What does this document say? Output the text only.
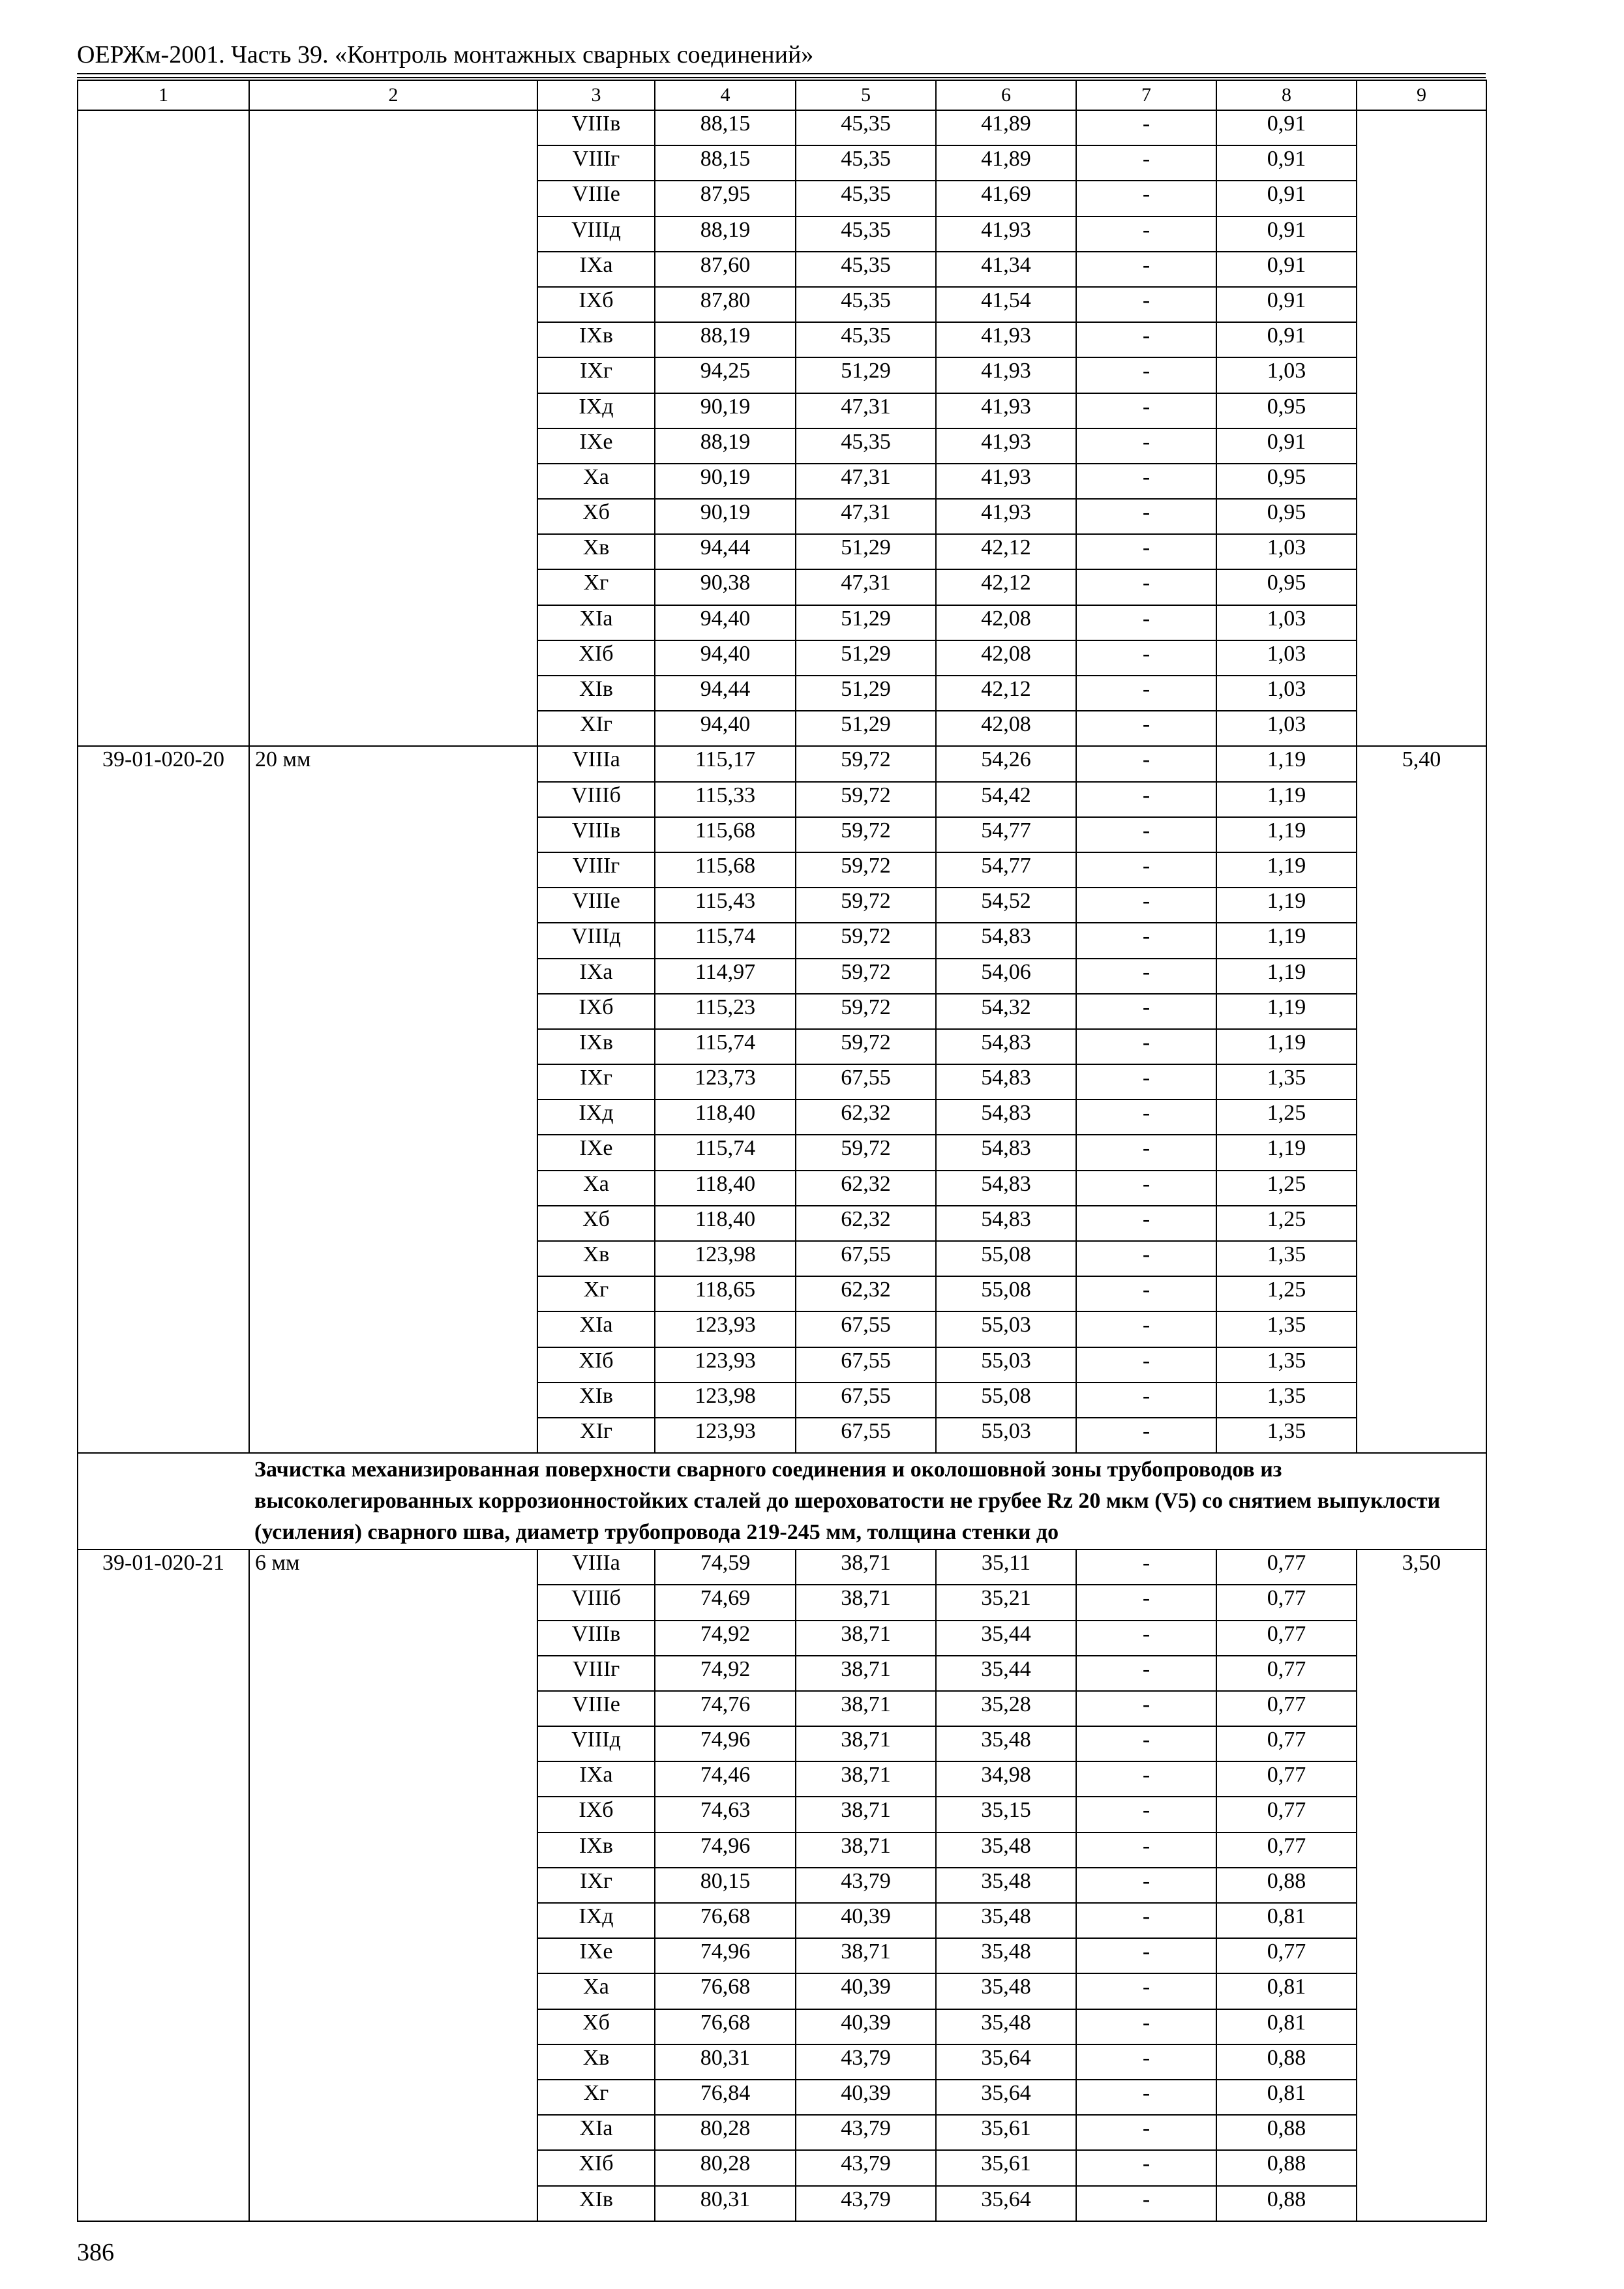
ОЕРЖм-2001. Часть 39. «Контроль монтажных сварных соединений»
1	2	3	4	5	6	7	8	9
		VIIIв	88,15	45,35	41,89	-	0,91	
		VIIIг	88,15	45,35	41,89	-	0,91	
		VIIIе	87,95	45,35	41,69	-	0,91	
		VIIIд	88,19	45,35	41,93	-	0,91	
		IXа	87,60	45,35	41,34	-	0,91	
		IXб	87,80	45,35	41,54	-	0,91	
		IXв	88,19	45,35	41,93	-	0,91	
		IXг	94,25	51,29	41,93	-	1,03	
		IXд	90,19	47,31	41,93	-	0,95	
		IXе	88,19	45,35	41,93	-	0,91	
		Xа	90,19	47,31	41,93	-	0,95	
		Xб	90,19	47,31	41,93	-	0,95	
		Xв	94,44	51,29	42,12	-	1,03	
		Xг	90,38	47,31	42,12	-	0,95	
		XIа	94,40	51,29	42,08	-	1,03	
		XIб	94,40	51,29	42,08	-	1,03	
		XIв	94,44	51,29	42,12	-	1,03	
		XIг	94,40	51,29	42,08	-	1,03	
39-01-020-20	20 мм	VIIIа	115,17	59,72	54,26	-	1,19	5,40
		VIIIб	115,33	59,72	54,42	-	1,19	
		VIIIв	115,68	59,72	54,77	-	1,19	
		VIIIг	115,68	59,72	54,77	-	1,19	
		VIIIе	115,43	59,72	54,52	-	1,19	
		VIIIд	115,74	59,72	54,83	-	1,19	
		IXа	114,97	59,72	54,06	-	1,19	
		IXб	115,23	59,72	54,32	-	1,19	
		IXв	115,74	59,72	54,83	-	1,19	
		IXг	123,73	67,55	54,83	-	1,35	
		IXд	118,40	62,32	54,83	-	1,25	
		IXе	115,74	59,72	54,83	-	1,19	
		Xа	118,40	62,32	54,83	-	1,25	
		Xб	118,40	62,32	54,83	-	1,25	
		Xв	123,98	67,55	55,08	-	1,35	
		Xг	118,65	62,32	55,08	-	1,25	
		XIа	123,93	67,55	55,03	-	1,35	
		XIб	123,93	67,55	55,03	-	1,35	
		XIв	123,98	67,55	55,08	-	1,35	
		XIг	123,93	67,55	55,03	-	1,35	
	Зачистка механизированная поверхности сварного соединения и околошовной зоны трубопроводов из высоколегированных коррозионностойких сталей до шероховатости не грубее Rz 20 мкм (V5) со снятием выпуклости (усиления) сварного шва, диаметр трубопровода 219-245 мм, толщина стенки до							
39-01-020-21	6 мм	VIIIа	74,59	38,71	35,11	-	0,77	3,50
		VIIIб	74,69	38,71	35,21	-	0,77	
		VIIIв	74,92	38,71	35,44	-	0,77	
		VIIIг	74,92	38,71	35,44	-	0,77	
		VIIIе	74,76	38,71	35,28	-	0,77	
		VIIIд	74,96	38,71	35,48	-	0,77	
		IXа	74,46	38,71	34,98	-	0,77	
		IXб	74,63	38,71	35,15	-	0,77	
		IXв	74,96	38,71	35,48	-	0,77	
		IXг	80,15	43,79	35,48	-	0,88	
		IXд	76,68	40,39	35,48	-	0,81	
		IXе	74,96	38,71	35,48	-	0,77	
		Xа	76,68	40,39	35,48	-	0,81	
		Xб	76,68	40,39	35,48	-	0,81	
		Xв	80,31	43,79	35,64	-	0,88	
		Xг	76,84	40,39	35,64	-	0,81	
		XIа	80,28	43,79	35,61	-	0,88	
		XIб	80,28	43,79	35,61	-	0,88	
		XIв	80,31	43,79	35,64	-	0,88	
386
